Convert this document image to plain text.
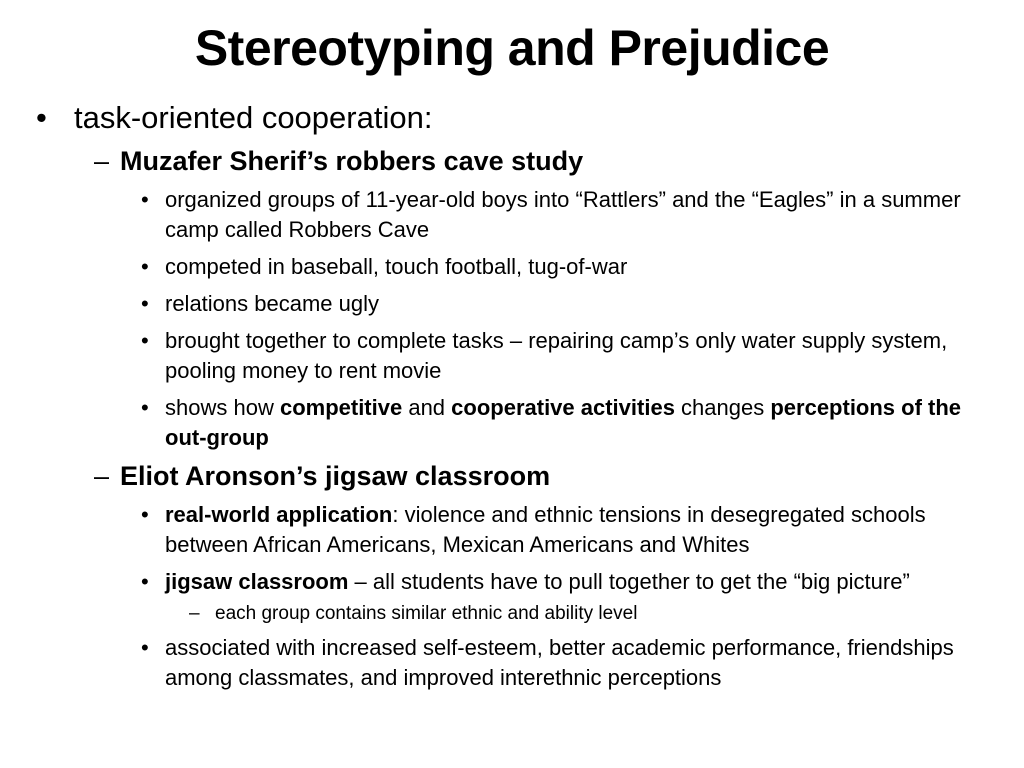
Stereotyping and Prejudice
• task-oriented cooperation:
– Muzafer Sherif’s robbers cave study
• organized groups of 11-year-old boys into “Rattlers” and the “Eagles” in a summer camp called Robbers Cave
• competed in baseball, touch football, tug-of-war
• relations became ugly
• brought together to complete tasks – repairing camp’s only water supply system, pooling money to rent movie
• shows how competitive and cooperative activities changes perceptions of the out-group
– Eliot Aronson’s jigsaw classroom
• real-world application: violence and ethnic tensions in desegregated schools between African Americans, Mexican Americans and Whites
• jigsaw classroom – all students have to pull together to get the “big picture”
– each group contains similar ethnic and ability level
• associated with increased self-esteem, better academic performance, friendships among classmates, and improved interethnic perceptions
